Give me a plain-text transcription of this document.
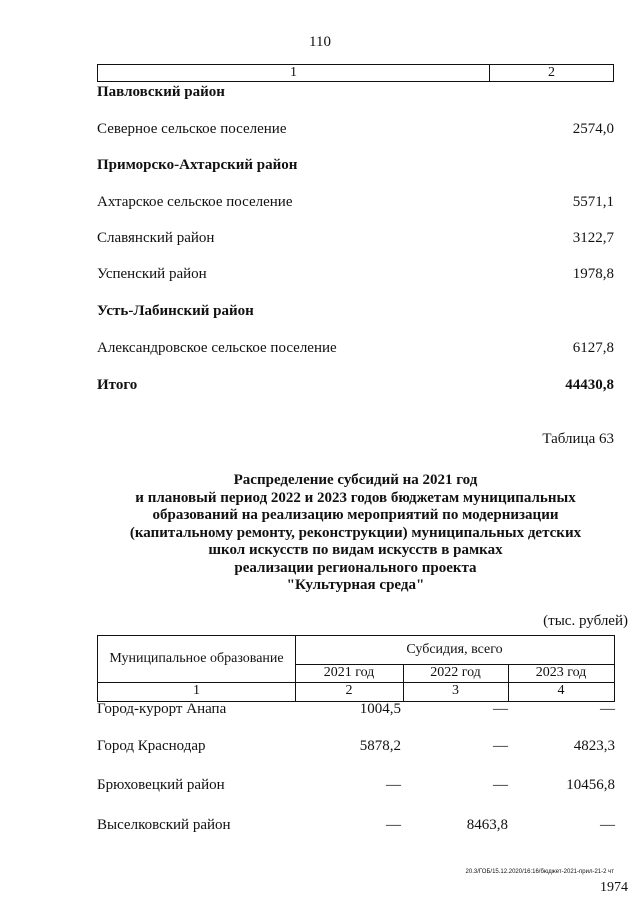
110
1	2
Павловский район
Северное сельское поселение	2574,0
Приморско-Ахтарский район
Ахтарское сельское поселение	5571,1
Славянский район	3122,7
Успенский район	1978,8
Усть-Лабинский район
Александровское сельское поселение	6127,8
Итого	44430,8
Таблица 63
Распределение субсидий на 2021 год
и плановый период 2022 и 2023 годов бюджетам муниципальных
образований на реализацию мероприятий по модернизации
(капитальному ремонту, реконструкции) муниципальных детских
школ искусств по видам искусств в рамках
реализации регионального проекта
"Культурная среда"
(тыс. рублей)
Муниципальное образование
Субсидия, всего
2021 год	2022 год	2023 год
1	2	3	4
Город-курорт Анапа	1004,5	—	—
Город Краснодар	5878,2	—	4823,3
Брюховецкий район	—	—	10456,8
Выселковский район	—	8463,8	—
20.3/ГОБ/15.12.2020/16:16/бюджет-2021-прил-21-2 чт
1974
